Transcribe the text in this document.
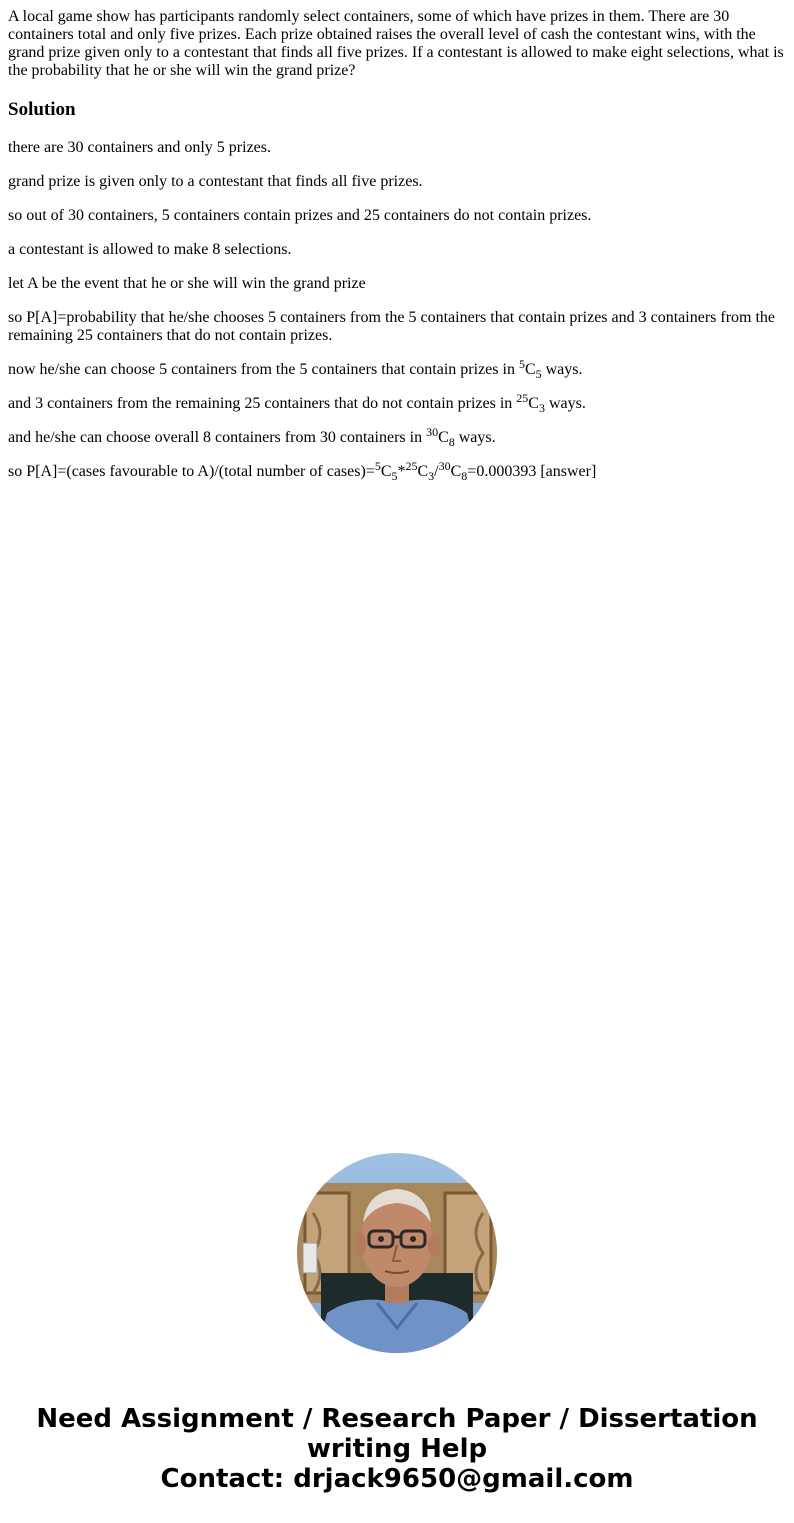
A local game show has participants randomly select containers, some of which have prizes in them. There are 30 containers total and only five prizes. Each prize obtained raises the overall level of cash the contestant wins, with the grand prize given only to a contestant that finds all five prizes. If a contestant is allowed to make eight selections, what is the probability that he or she will win the grand prize?

Solution

there are 30 containers and only 5 prizes.

grand prize is given only to a contestant that finds all five prizes.

so out of 30 containers, 5 containers contain prizes and 25 containers do not contain prizes.

a contestant is allowed to make 8 selections.

let A be the event that he or she will win the grand prize

so P[A]=probability that he/she chooses 5 containers from the 5 containers that contain prizes and 3 containers from the remaining 25 containers that do not contain prizes.

now he/she can choose 5 containers from the 5 containers that contain prizes in $^5C_5$ ways.

and 3 containers from the remaining 25 containers that do not contain prizes in $^{25}C_3$ ways.

and he/she can choose overall 8 containers from 30 containers in $^{30}C_8$ ways.

so P[A]=(cases favourable to A)/(total number of $cases)=^5C_5*^{25}C_3/^{30}C_8=0.000393$ [answer]

Need Assignment / Research Paper / Dissertation
writing Help
Contact: drjack9650@gmail.com
